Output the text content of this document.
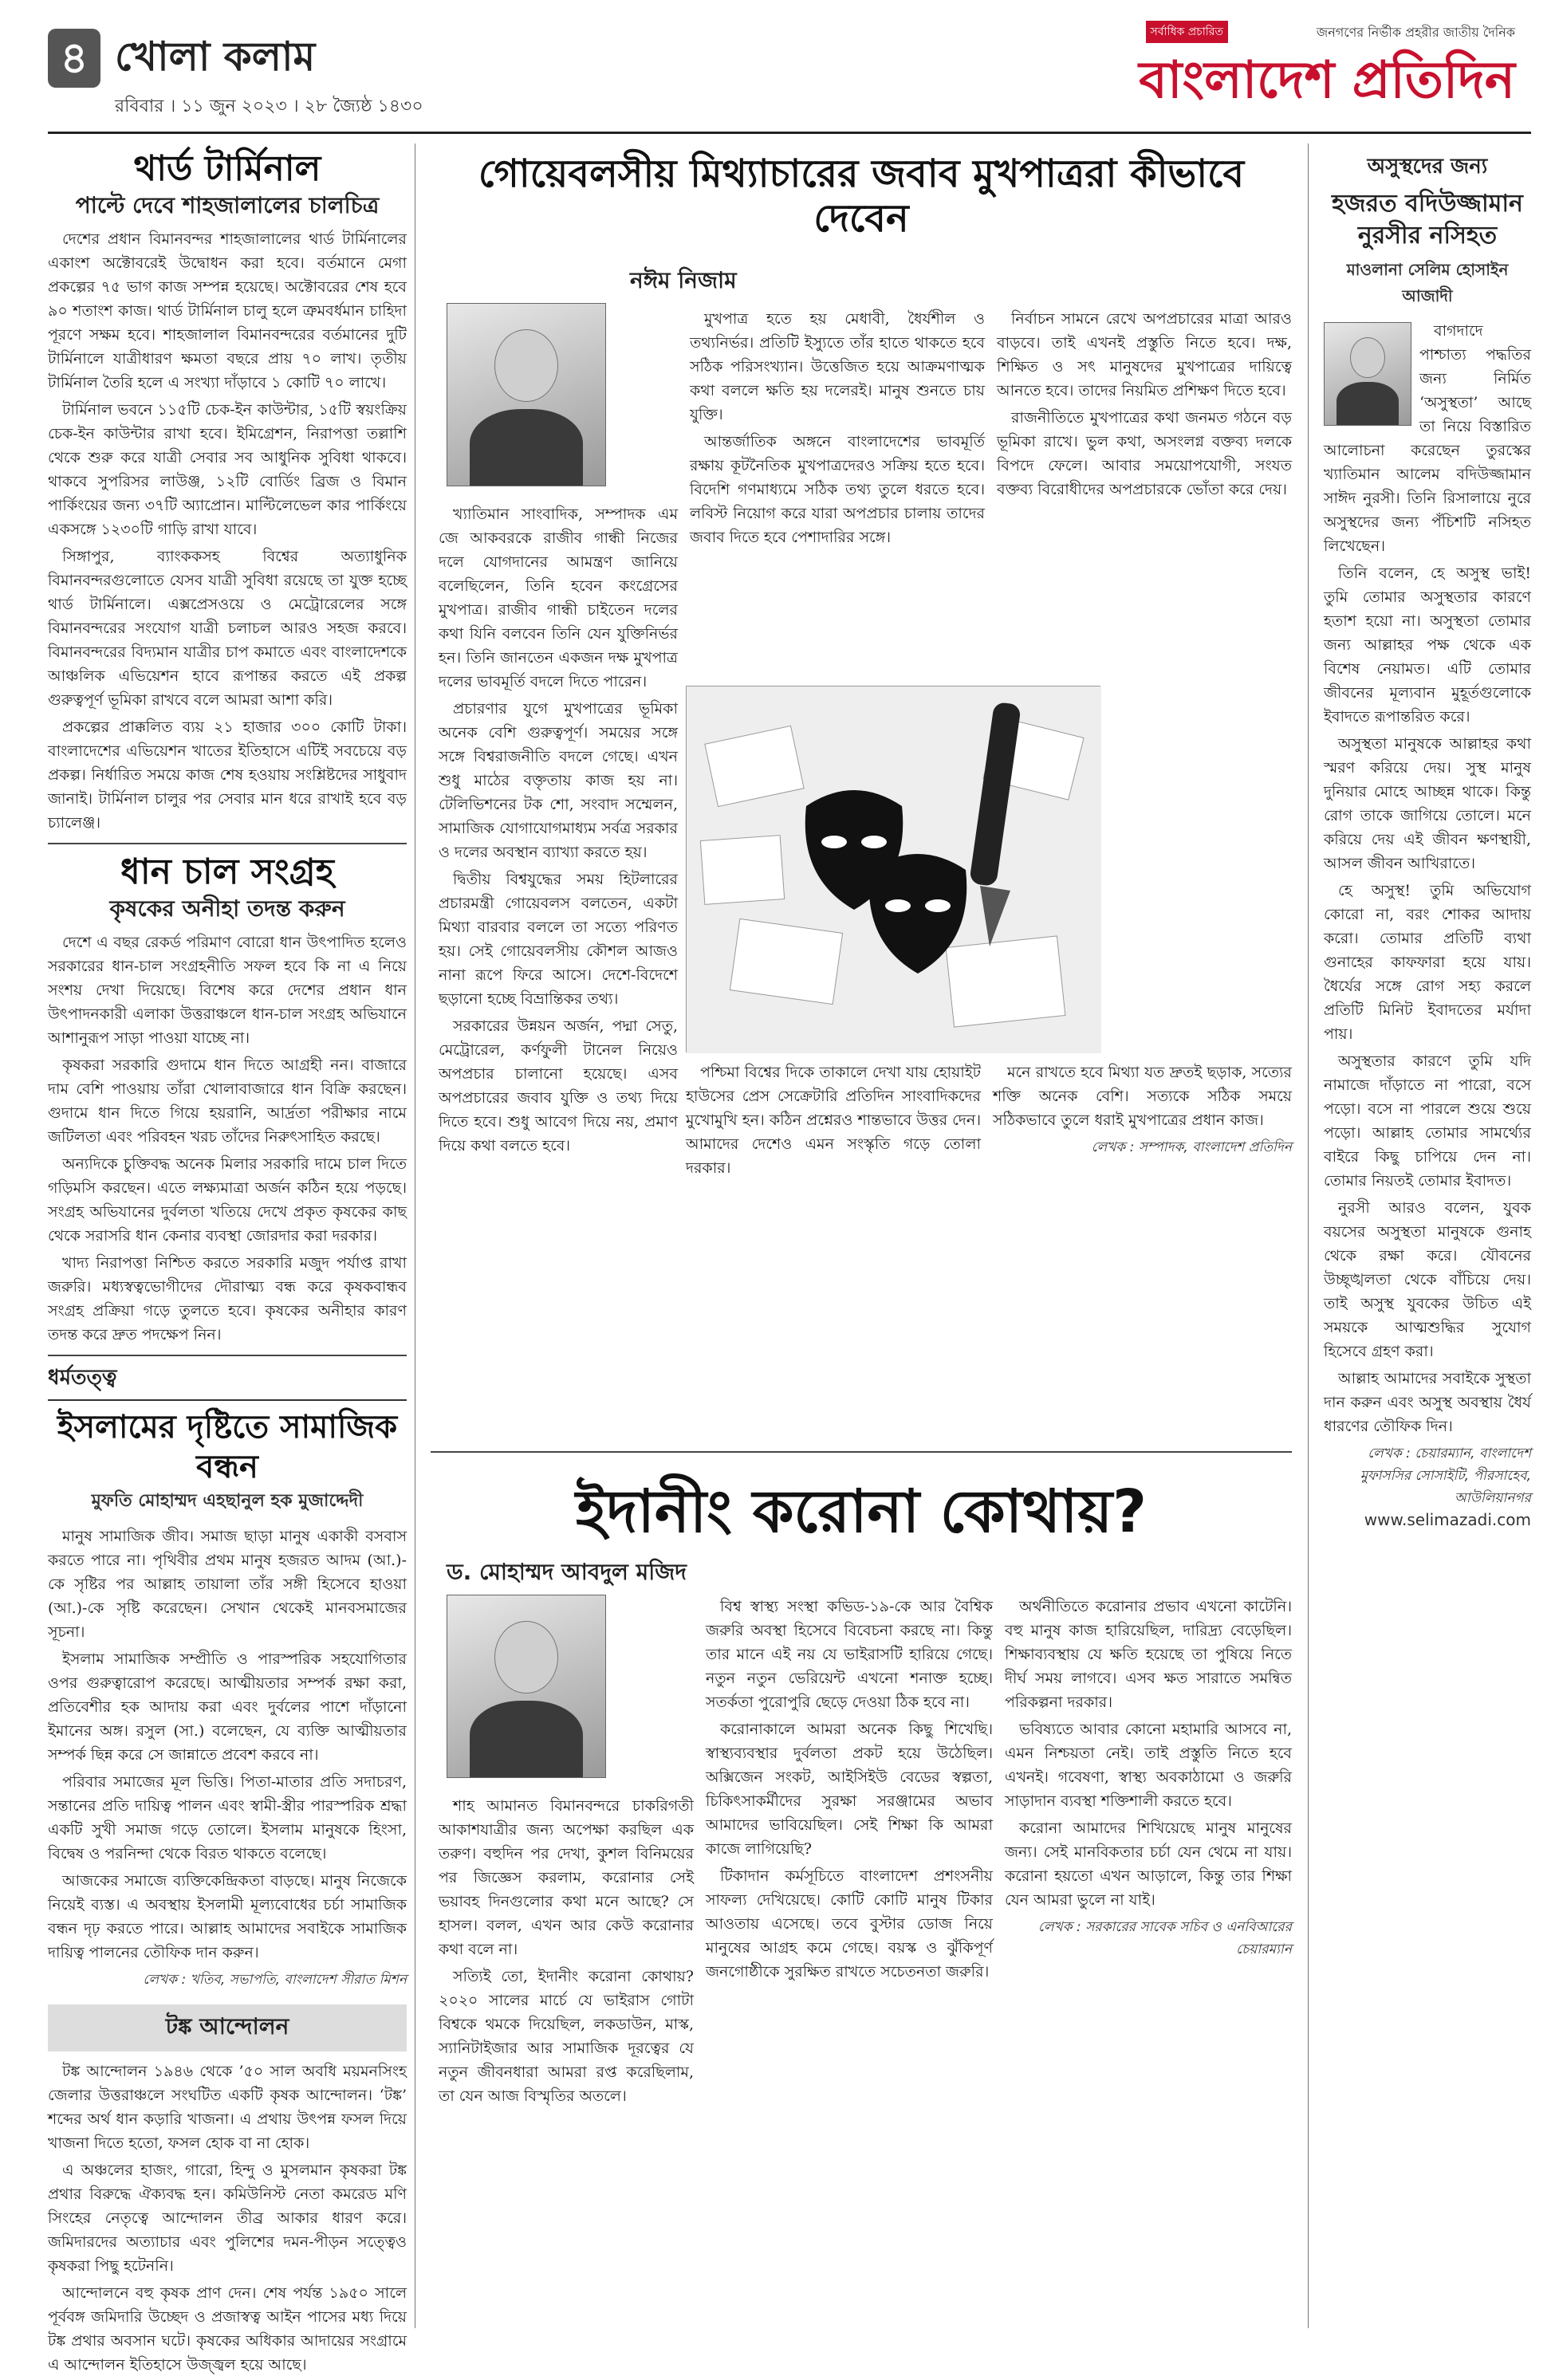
৪ খোলা কলাম
রবিবার । ১১ জুন ২০২৩ । ২৮ জ্যৈষ্ঠ ১৪৩০
সর্বাধিক প্রচারিত	জনগণের নির্ভীক প্রহরীর জাতীয় দৈনিক
বাংলাদেশ প্রতিদিন
থার্ড টার্মিনাল
পাল্টে দেবে শাহজালালের চালচিত্র

দেশের প্রধান বিমানবন্দর শাহজালালের থার্ড টার্মিনালের একাংশ অক্টোবরেই উদ্বোধন করা হবে। বর্তমানে মেগা প্রকল্পের ৭৫ ভাগ কাজ সম্পন্ন হয়েছে। অক্টোবরের শেষ হবে ৯০ শতাংশ কাজ। থার্ড টার্মিনাল চালু হলে ত্রুমবর্ধমান চাহিদা পূরণে সক্ষম হবে। শাহজালাল বিমানবন্দরের বর্তমানের দুটি টার্মিনালে যাত্রীধারণ ক্ষমতা বছরে প্রায় ৭০ লাখ। তৃতীয় টার্মিনাল তৈরি হলে এ সংখ্যা দাঁড়াবে ১ কোটি ৭০ লাখে।

টার্মিনাল ভবনে ১১৫টি চেক-ইন কাউন্টার, ১৫টি স্বয়ংক্রিয় চেক-ইন কাউন্টার রাখা হবে। ইমিগ্রেশন, নিরাপত্তা তল্লাশি থেকে শুরু করে যাত্রী সেবার সব আধুনিক সুবিধা থাকবে। থাকবে সুপরিসর লাউঞ্জ, ১২টি বোর্ডিং ব্রিজ ও বিমান পার্কিংয়ের জন্য ৩৭টি অ্যাপ্রোন। মাল্টিলেভেল কার পার্কিংয়ে একসঙ্গে ১২৩০টি গাড়ি রাখা যাবে।

সিঙ্গাপুর, ব্যাংককসহ বিশ্বের অত্যাধুনিক বিমানবন্দরগুলোতে যেসব যাত্রী সুবিধা রয়েছে তা যুক্ত হচ্ছে থার্ড টার্মিনালে। এক্সপ্রেসওয়ে ও মেট্রোরেলের সঙ্গে বিমানবন্দরের সংযোগ যাত্রী চলাচল আরও সহজ করবে। বিমানবন্দরের বিদ্যমান যাত্রীর চাপ কমাতে এবং বাংলাদেশকে আঞ্চলিক এভিয়েশন হাবে রূপান্তর করতে এই প্রকল্প গুরুত্বপূর্ণ ভূমিকা রাখবে বলে আমরা আশা করি।

প্রকল্পের প্রাক্কলিত ব্যয় ২১ হাজার ৩০০ কোটি টাকা। বাংলাদেশের এভিয়েশন খাতের ইতিহাসে এটিই সবচেয়ে বড় প্রকল্প। নির্ধারিত সময়ে কাজ শেষ হওয়ায় সংশ্লিষ্টদের সাধুবাদ জানাই। টার্মিনাল চালুর পর সেবার মান ধরে রাখাই হবে বড় চ্যালেঞ্জ।

ধান চাল সংগ্রহ
কৃষকের অনীহা তদন্ত করুন

দেশে এ বছর রেকর্ড পরিমাণ বোরো ধান উৎপাদিত হলেও সরকারের ধান-চাল সংগ্রহনীতি সফল হবে কি না এ নিয়ে সংশয় দেখা দিয়েছে। বিশেষ করে দেশের প্রধান ধান উৎপাদনকারী এলাকা উত্তরাঞ্চলে ধান-চাল সংগ্রহ অভিযানে আশানুরূপ সাড়া পাওয়া যাচ্ছে না।

কৃষকরা সরকারি গুদামে ধান দিতে আগ্রহী নন। বাজারে দাম বেশি পাওয়ায় তাঁরা খোলাবাজারে ধান বিক্রি করছেন। গুদামে ধান দিতে গিয়ে হয়রানি, আর্দ্রতা পরীক্ষার নামে জটিলতা এবং পরিবহন খরচ তাঁদের নিরুৎসাহিত করছে।

অন্যদিকে চুক্তিবদ্ধ অনেক মিলার সরকারি দামে চাল দিতে গড়িমসি করছেন। এতে লক্ষ্যমাত্রা অর্জন কঠিন হয়ে পড়ছে। সংগ্রহ অভিযানের দুর্বলতা খতিয়ে দেখে প্রকৃত কৃষকের কাছ থেকে সরাসরি ধান কেনার ব্যবস্থা জোরদার করা দরকার।

খাদ্য নিরাপত্তা নিশ্চিত করতে সরকারি মজুদ পর্যাপ্ত রাখা জরুরি। মধ্যস্বত্বভোগীদের দৌরাত্ম্য বন্ধ করে কৃষকবান্ধব সংগ্রহ প্রক্রিয়া গড়ে তুলতে হবে। কৃষকের অনীহার কারণ তদন্ত করে দ্রুত পদক্ষেপ নিন।

ধর্মতত্ত্ব
ইসলামের দৃষ্টিতে সামাজিক বন্ধন
মুফতি মোহাম্মদ এহছানুল হক মুজাদ্দেদী

মানুষ সামাজিক জীব। সমাজ ছাড়া মানুষ একাকী বসবাস করতে পারে না। পৃথিবীর প্রথম মানুষ হজরত আদম (আ.)-কে সৃষ্টির পর আল্লাহ তায়ালা তাঁর সঙ্গী হিসেবে হাওয়া (আ.)-কে সৃষ্টি করেছেন। সেখান থেকেই মানবসমাজের সূচনা।

ইসলাম সামাজিক সম্প্রীতি ও পারস্পরিক সহযোগিতার ওপর গুরুত্বারোপ করেছে। আত্মীয়তার সম্পর্ক রক্ষা করা, প্রতিবেশীর হক আদায় করা এবং দুর্বলের পাশে দাঁড়ানো ইমানের অঙ্গ। রসুল (সা.) বলেছেন, যে ব্যক্তি আত্মীয়তার সম্পর্ক ছিন্ন করে সে জান্নাতে প্রবেশ করবে না।

পরিবার সমাজের মূল ভিত্তি। পিতা-মাতার প্রতি সদাচরণ, সন্তানের প্রতি দায়িত্ব পালন এবং স্বামী-স্ত্রীর পারস্পরিক শ্রদ্ধা একটি সুখী সমাজ গড়ে তোলে। ইসলাম মানুষকে হিংসা, বিদ্বেষ ও পরনিন্দা থেকে বিরত থাকতে বলেছে।

আজকের সমাজে ব্যক্তিকেন্দ্রিকতা বাড়ছে। মানুষ নিজেকে নিয়েই ব্যস্ত। এ অবস্থায় ইসলামী মূল্যবোধের চর্চা সামাজিক বন্ধন দৃঢ় করতে পারে। আল্লাহ আমাদের সবাইকে সামাজিক দায়িত্ব পালনের তৌফিক দান করুন।

লেখক : খতিব, সভাপতি, বাংলাদেশ সীরাত মিশন
টঙ্ক আন্দোলন

টঙ্ক আন্দোলন ১৯৪৬ থেকে ’৫০ সাল অবধি ময়মনসিংহ জেলার উত্তরাঞ্চলে সংঘটিত একটি কৃষক আন্দোলন। ‘টঙ্ক’ শব্দের অর্থ ধান কড়ারি খাজনা। এ প্রথায় উৎপন্ন ফসল দিয়ে খাজনা দিতে হতো, ফসল হোক বা না হোক।

এ অঞ্চলের হাজং, গারো, হিন্দু ও মুসলমান কৃষকরা টঙ্ক প্রথার বিরুদ্ধে ঐক্যবদ্ধ হন। কমিউনিস্ট নেতা কমরেড মণি সিংহের নেতৃত্বে আন্দোলন তীব্র আকার ধারণ করে। জমিদারদের অত্যাচার এবং পুলিশের দমন-পীড়ন সত্ত্বেও কৃষকরা পিছু হটেননি।

আন্দোলনে বহু কৃষক প্রাণ দেন। শেষ পর্যন্ত ১৯৫০ সালে পূর্ববঙ্গ জমিদারি উচ্ছেদ ও প্রজাস্বত্ব আইন পাসের মধ্য দিয়ে টঙ্ক প্রথার অবসান ঘটে। কৃষকের অধিকার আদায়ের সংগ্রামে এ আন্দোলন ইতিহাসে উজ্জ্বল হয়ে আছে।

গোয়েবলসীয় মিথ্যাচারের জবাব মুখপাত্ররা কীভাবে দেবেন
নঈম নিজাম

খ্যাতিমান সাংবাদিক, সম্পাদক এম জে আকবরকে রাজীব গান্ধী নিজের দলে যোগদানের আমন্ত্রণ জানিয়ে বলেছিলেন, তিনি হবেন কংগ্রেসের মুখপাত্র। রাজীব গান্ধী চাইতেন দলের কথা যিনি বলবেন তিনি যেন যুক্তিনির্ভর হন। তিনি জানতেন একজন দক্ষ মুখপাত্র দলের ভাবমূর্তি বদলে দিতে পারেন।

প্রচারণার যুগে মুখপাত্রের ভূমিকা অনেক বেশি গুরুত্বপূর্ণ। সময়ের সঙ্গে সঙ্গে বিশ্বরাজনীতি বদলে গেছে। এখন শুধু মাঠের বক্তৃতায় কাজ হয় না। টেলিভিশনের টক শো, সংবাদ সম্মেলন, সামাজিক যোগাযোগমাধ্যম সর্বত্র সরকার ও দলের অবস্থান ব্যাখ্যা করতে হয়।

দ্বিতীয় বিশ্বযুদ্ধের সময় হিটলারের প্রচারমন্ত্রী গোয়েবলস বলতেন, একটা মিথ্যা বারবার বললে তা সত্যে পরিণত হয়। সেই গোয়েবলসীয় কৌশল আজও নানা রূপে ফিরে আসে। দেশে-বিদেশে ছড়ানো হচ্ছে বিভ্রান্তিকর তথ্য।

সরকারের উন্নয়ন অর্জন, পদ্মা সেতু, মেট্রোরেল, কর্ণফুলী টানেল নিয়েও অপপ্রচার চালানো হয়েছে। এসব অপপ্রচারের জবাব যুক্তি ও তথ্য দিয়ে দিতে হবে। শুধু আবেগ দিয়ে নয়, প্রমাণ দিয়ে কথা বলতে হবে।

মুখপাত্র হতে হয় মেধাবী, ধৈর্যশীল ও তথ্যনির্ভর। প্রতিটি ইস্যুতে তাঁর হাতে থাকতে হবে সঠিক পরিসংখ্যান। উত্তেজিত হয়ে আক্রমণাত্মক কথা বললে ক্ষতি হয় দলেরই। মানুষ শুনতে চায় যুক্তি।

আন্তর্জাতিক অঙ্গনে বাংলাদেশের ভাবমূর্তি রক্ষায় কূটনৈতিক মুখপাত্রদেরও সক্রিয় হতে হবে। বিদেশি গণমাধ্যমে সঠিক তথ্য তুলে ধরতে হবে। লবিস্ট নিয়োগ করে যারা অপপ্রচার চালায় তাদের জবাব দিতে হবে পেশাদারির সঙ্গে।

নির্বাচন সামনে রেখে অপপ্রচারের মাত্রা আরও বাড়বে। তাই এখনই প্রস্তুতি নিতে হবে। দক্ষ, শিক্ষিত ও সৎ মানুষদের মুখপাত্রের দায়িত্বে আনতে হবে। তাদের নিয়মিত প্রশিক্ষণ দিতে হবে।

রাজনীতিতে মুখপাত্রের কথা জনমত গঠনে বড় ভূমিকা রাখে। ভুল কথা, অসংলগ্ন বক্তব্য দলকে বিপদে ফেলে। আবার সময়োপযোগী, সংযত বক্তব্য বিরোধীদের অপপ্রচারকে ভোঁতা করে দেয়।

পশ্চিমা বিশ্বের দিকে তাকালে দেখা যায় হোয়াইট হাউসের প্রেস সেক্রেটারি প্রতিদিন সাংবাদিকদের মুখোমুখি হন। কঠিন প্রশ্নেরও শান্তভাবে উত্তর দেন। আমাদের দেশেও এমন সংস্কৃতি গড়ে তোলা দরকার।

মনে রাখতে হবে মিথ্যা যত দ্রুতই ছড়াক, সত্যের শক্তি অনেক বেশি। সত্যকে সঠিক সময়ে সঠিকভাবে তুলে ধরাই মুখপাত্রের প্রধান কাজ।

লেখক : সম্পাদক, বাংলাদেশ প্রতিদিন
ইদানীং করোনা কোথায়?
ড. মোহাম্মদ আবদুল মজিদ

শাহ আমানত বিমানবন্দরে চাকরিগতী আকাশযাত্রীর জন্য অপেক্ষা করছিল এক তরুণ। বহুদিন পর দেখা, কুশল বিনিময়ের পর জিজ্ঞেস করলাম, করোনার সেই ভয়াবহ দিনগুলোর কথা মনে আছে? সে হাসল। বলল, এখন আর কেউ করোনার কথা বলে না।

সত্যিই তো, ইদানীং করোনা কোথায়? ২০২০ সালের মার্চে যে ভাইরাস গোটা বিশ্বকে থমকে দিয়েছিল, লকডাউন, মাস্ক, স্যানিটাইজার আর সামাজিক দূরত্বের যে নতুন জীবনধারা আমরা রপ্ত করেছিলাম, তা যেন আজ বিস্মৃতির অতলে।

বিশ্ব স্বাস্থ্য সংস্থা কভিড-১৯-কে আর বৈশ্বিক জরুরি অবস্থা হিসেবে বিবেচনা করছে না। কিন্তু তার মানে এই নয় যে ভাইরাসটি হারিয়ে গেছে। নতুন নতুন ভেরিয়েন্ট এখনো শনাক্ত হচ্ছে। সতর্কতা পুরোপুরি ছেড়ে দেওয়া ঠিক হবে না।

করোনাকালে আমরা অনেক কিছু শিখেছি। স্বাস্থ্যব্যবস্থার দুর্বলতা প্রকট হয়ে উঠেছিল। অক্সিজেন সংকট, আইসিইউ বেডের স্বল্পতা, চিকিৎসাকর্মীদের সুরক্ষা সরঞ্জামের অভাব আমাদের ভাবিয়েছিল। সেই শিক্ষা কি আমরা কাজে লাগিয়েছি?

টিকাদান কর্মসূচিতে বাংলাদেশ প্রশংসনীয় সাফল্য দেখিয়েছে। কোটি কোটি মানুষ টিকার আওতায় এসেছে। তবে বুস্টার ডোজ নিয়ে মানুষের আগ্রহ কমে গেছে। বয়স্ক ও ঝুঁকিপূর্ণ জনগোষ্ঠীকে সুরক্ষিত রাখতে সচেতনতা জরুরি।

অর্থনীতিতে করোনার প্রভাব এখনো কাটেনি। বহু মানুষ কাজ হারিয়েছিল, দারিদ্র্য বেড়েছিল। শিক্ষাব্যবস্থায় যে ক্ষতি হয়েছে তা পুষিয়ে নিতে দীর্ঘ সময় লাগবে। এসব ক্ষত সারাতে সমন্বিত পরিকল্পনা দরকার।

ভবিষ্যতে আবার কোনো মহামারি আসবে না, এমন নিশ্চয়তা নেই। তাই প্রস্তুতি নিতে হবে এখনই। গবেষণা, স্বাস্থ্য অবকাঠামো ও জরুরি সাড়াদান ব্যবস্থা শক্তিশালী করতে হবে।

করোনা আমাদের শিখিয়েছে মানুষ মানুষের জন্য। সেই মানবিকতার চর্চা যেন থেমে না যায়। করোনা হয়তো এখন আড়ালে, কিন্তু তার শিক্ষা যেন আমরা ভুলে না যাই।

লেখক : সরকারের সাবেক সচিব ও এনবিআরের চেয়ারম্যান
অসুস্থদের জন্য
হজরত বদিউজ্জামান নুরসীর নসিহত
মাওলানা সেলিম হোসাইন আজাদী

বাগদাদে পাশ্চাত্য পদ্ধতির জন্য নির্মিত ‘অসুস্থতা’ আছে তা নিয়ে বিস্তারিত আলোচনা করেছেন তুরস্কের খ্যাতিমান আলেম বদিউজ্জামান সাঈদ নুরসী। তিনি রিসালায়ে নুরে অসুস্থদের জন্য পঁচিশটি নসিহত লিখেছেন।

তিনি বলেন, হে অসুস্থ ভাই! তুমি তোমার অসুস্থতার কারণে হতাশ হয়ো না। অসুস্থতা তোমার জন্য আল্লাহর পক্ষ থেকে এক বিশেষ নেয়ামত। এটি তোমার জীবনের মূল্যবান মুহূর্তগুলোকে ইবাদতে রূপান্তরিত করে।

অসুস্থতা মানুষকে আল্লাহর কথা স্মরণ করিয়ে দেয়। সুস্থ মানুষ দুনিয়ার মোহে আচ্ছন্ন থাকে। কিন্তু রোগ তাকে জাগিয়ে তোলে। মনে করিয়ে দেয় এই জীবন ক্ষণস্থায়ী, আসল জীবন আখিরাতে।

হে অসুস্থ! তুমি অভিযোগ কোরো না, বরং শোকর আদায় করো। তোমার প্রতিটি ব্যথা গুনাহের কাফফারা হয়ে যায়। ধৈর্যের সঙ্গে রোগ সহ্য করলে প্রতিটি মিনিট ইবাদতের মর্যাদা পায়।

অসুস্থতার কারণে তুমি যদি নামাজে দাঁড়াতে না পারো, বসে পড়ো। বসে না পারলে শুয়ে শুয়ে পড়ো। আল্লাহ তোমার সামর্থ্যের বাইরে কিছু চাপিয়ে দেন না। তোমার নিয়তই তোমার ইবাদত।

নুরসী আরও বলেন, যুবক বয়সের অসুস্থতা মানুষকে গুনাহ থেকে রক্ষা করে। যৌবনের উচ্ছৃঙ্খলতা থেকে বাঁচিয়ে দেয়। তাই অসুস্থ যুবকের উচিত এই সময়কে আত্মশুদ্ধির সুযোগ হিসেবে গ্রহণ করা।

আল্লাহ আমাদের সবাইকে সুস্থতা দান করুন এবং অসুস্থ অবস্থায় ধৈর্য ধারণের তৌফিক দিন।

লেখক : চেয়ারম্যান, বাংলাদেশ মুফাসসির সোসাইটি, পীরসাহেব, আউলিয়ানগর
www.selimazadi.com
